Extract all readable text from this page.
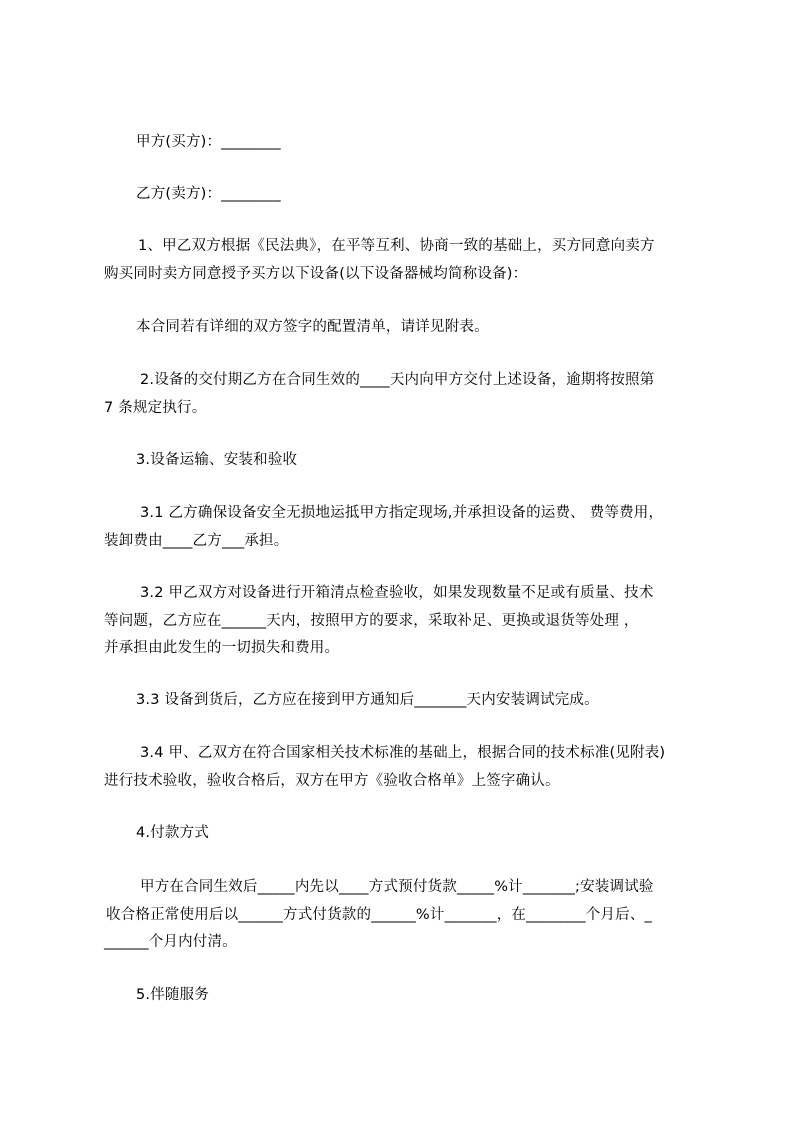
甲方(买方)：________
乙方(卖方)：________
1、甲乙双方根据《民法典》，在平等互利、协商一致的基础上，买方同意向卖方
购买同时卖方同意授予买方以下设备(以下设备器械均简称设备)：
本合同若有详细的双方签字的配置清单，请详见附表。
2.设备的交付期乙方在合同生效的____天内向甲方交付上述设备，逾期将按照第
7 条规定执行。
3.设备运输、安装和验收
3.1 乙方确保设备安全无损地运抵甲方指定现场,并承担设备的运费、 费等费用，
装卸费由____乙方___承担。
3.2 甲乙双方对设备进行开箱清点检查验收，如果发现数量不足或有质量、技术
等问题，乙方应在______天内，按照甲方的要求，采取补足、更换或退货等处理 ，
并承担由此发生的一切损失和费用。
3.3 设备到货后，乙方应在接到甲方通知后_______天内安装调试完成。
3.4 甲、乙双方在符合国家相关技术标准的基础上，根据合同的技术标准(见附表)
进行技术验收，验收合格后，双方在甲方《验收合格单》上签字确认。
4.付款方式
甲方在合同生效后_____内先以____方式预付货款_____%计_______;安装调试验
收合格正常使用后以______方式付货款的______%计_______，在________个月后、_
______个月内付清。
5.伴随服务
